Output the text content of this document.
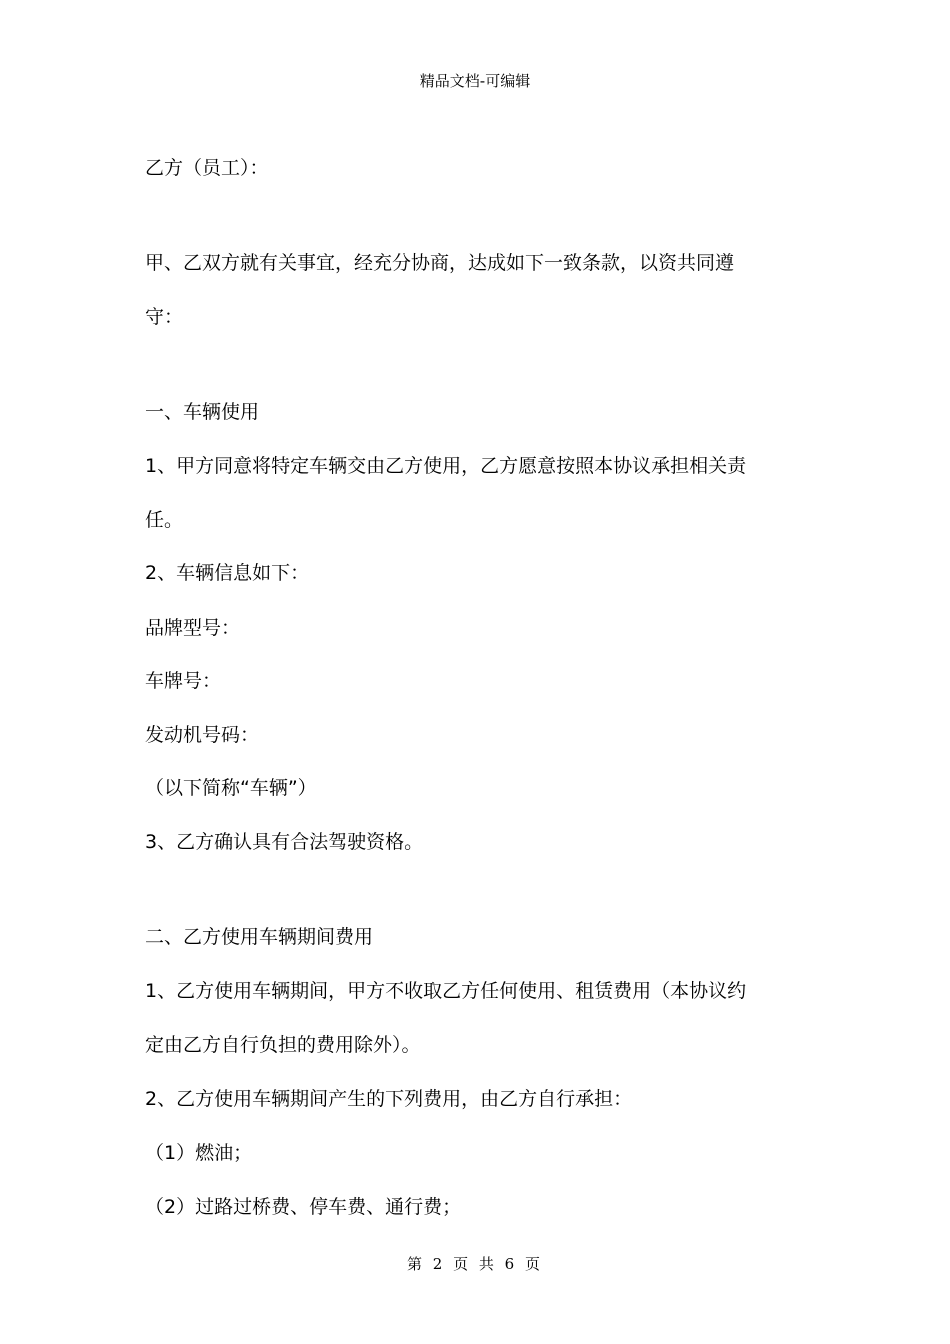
精品文档-可编辑
乙方（员工）：
甲、乙双方就有关事宜，经充分协商，达成如下一致条款，以资共同遵
守：
一、车辆使用
1、甲方同意将特定车辆交由乙方使用，乙方愿意按照本协议承担相关责
任。
2、车辆信息如下：
品牌型号：
车牌号：
发动机号码：
（以下简称“车辆”）
3、乙方确认具有合法驾驶资格。
二、乙方使用车辆期间费用
1、乙方使用车辆期间，甲方不收取乙方任何使用、租赁费用（本协议约
定由乙方自行负担的费用除外）。
2、乙方使用车辆期间产生的下列费用，由乙方自行承担：
（1）燃油；
（2）过路过桥费、停车费、通行费；
第 2 页 共 6 页
